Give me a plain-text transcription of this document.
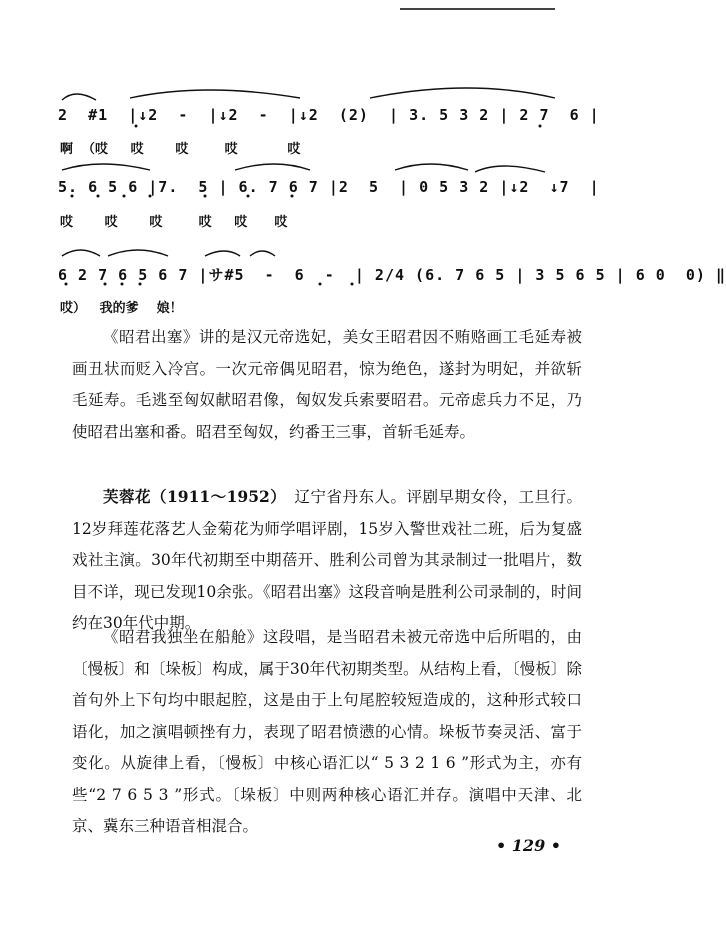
2  #1  |↓2  -  |↓2  -  |↓2  (2)  | 3. 5 3 2 | 2 7  6 |
啊  （哎     哎       哎        哎           哎
5. 6 5 6 |7.  5 | 6. 7 6 7 |2  5  | 0 5 3 2 |↓2  ↓7  |
哎       哎       哎        哎     哎      哎
6 2 7 6 5 6 7 |サ#5  -  6  -  | 2/4 (6. 7 6 5 | 3 5 6 5 | 6 0  0) ‖
哎）   我的爹    娘！

《昭君出塞》讲的是汉元帝选妃，美女王昭君因不贿赂画工毛延寿被画丑状而贬入冷宫。一次元帝偶见昭君，惊为绝色，遂封为明妃，并欲斩毛延寿。毛逃至匈奴献昭君像，匈奴发兵索要昭君。元帝虑兵力不足，乃使昭君出塞和番。昭君至匈奴，约番王三事，首斩毛延寿。

芙蓉花（1911～1952）　辽宁省丹东人。评剧早期女伶，工旦行。12岁拜莲花落艺人金菊花为师学唱评剧，15岁入警世戏社二班，后为复盛戏社主演。30年代初期至中期蓓开、胜利公司曾为其录制过一批唱片，数目不详，现已发现10余张。《昭君出塞》这段音响是胜利公司录制的，时间约在30年代中期。

《昭君我独坐在船舱》这段唱，是当昭君未被元帝选中后所唱的，由〔慢板〕和〔垛板〕构成，属于30年代初期类型。从结构上看，〔慢板〕除首句外上下句均中眼起腔，这是由于上句尾腔较短造成的，这种形式较口语化，加之演唱顿挫有力，表现了昭君愤懑的心情。垛板节奏灵活、富于变化。从旋律上看，〔慢板〕中核心语汇以“ 5 3 2 1 6 ”形式为主，亦有些“2 7 6 5 3 ”形式。〔垛板〕中则两种核心语汇并存。演唱中天津、北京、冀东三种语音相混合。

• 129 •
